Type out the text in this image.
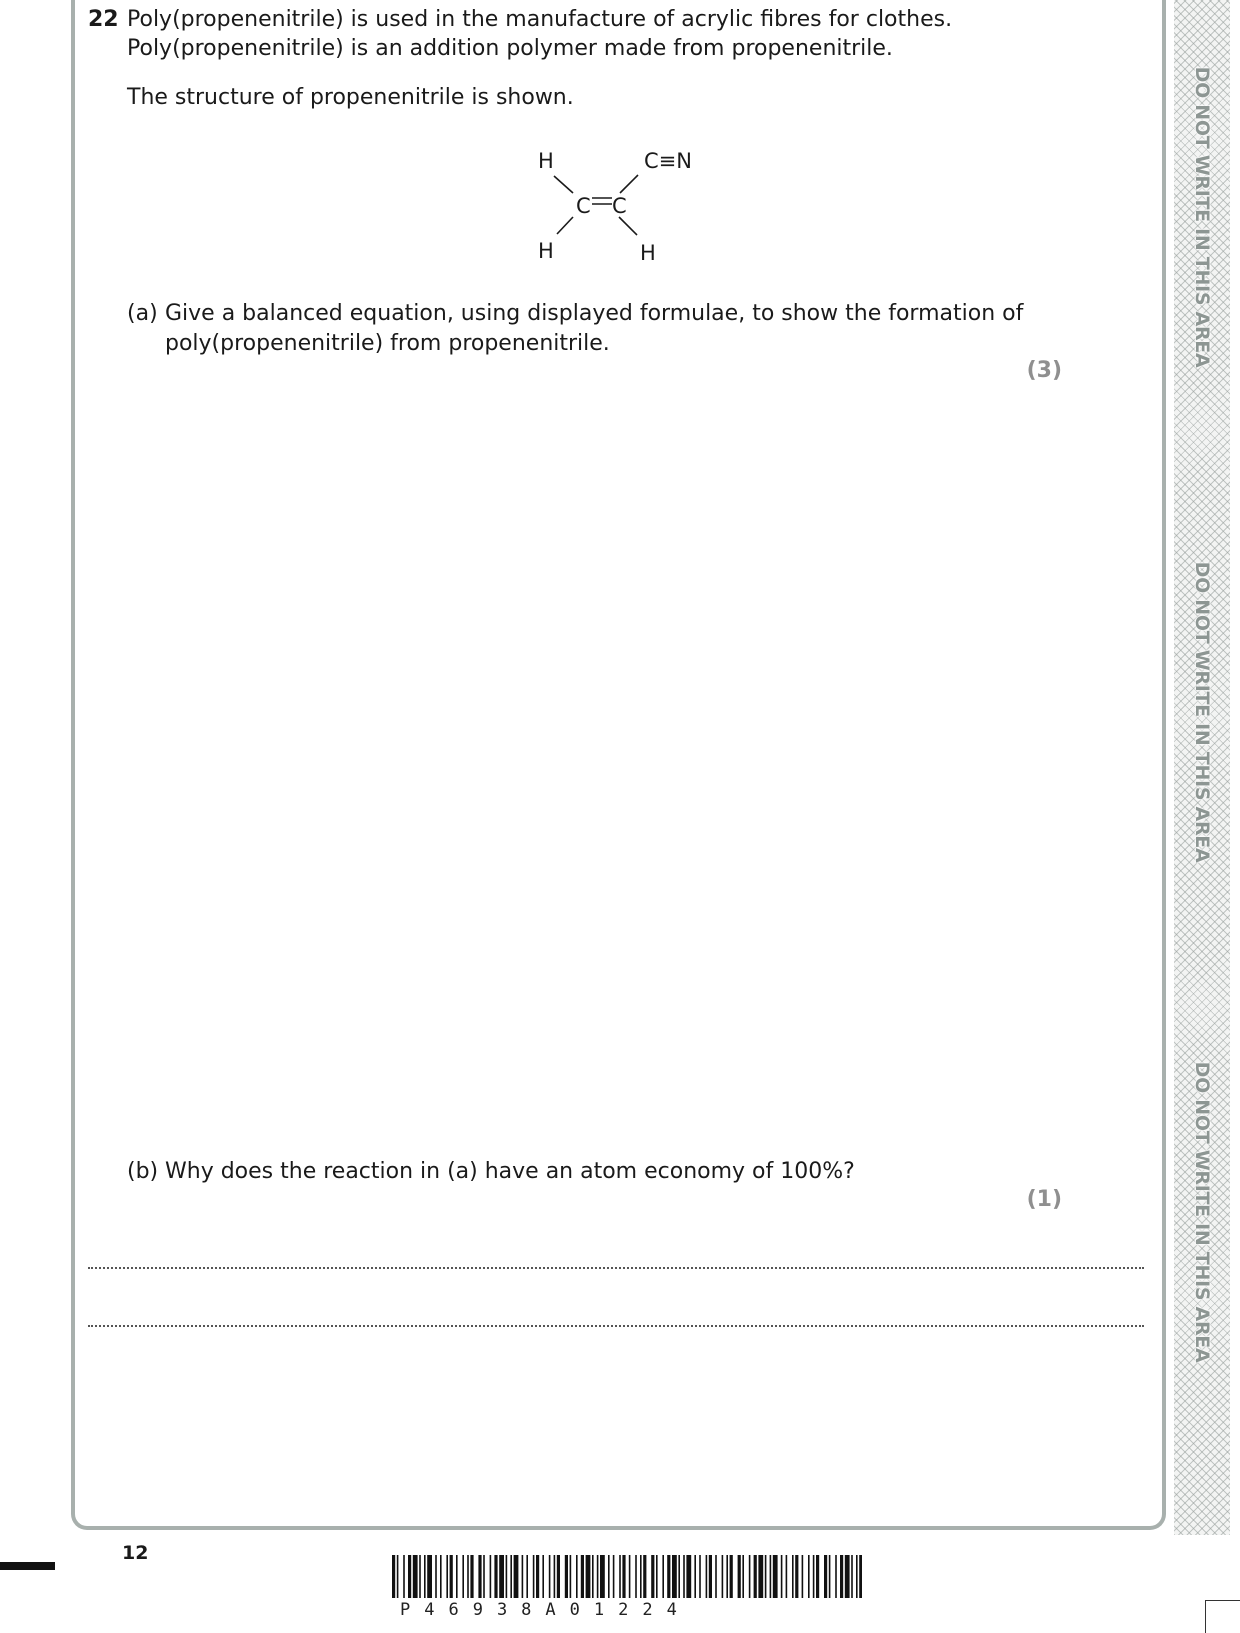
DO NOT WRITE IN THIS AREA
DO NOT WRITE IN THIS AREA
DO NOT WRITE IN THIS AREA
22 Poly(propenenitrile) is used in the manufacture of acrylic fibres for clothes.
Poly(propenenitrile) is an addition polymer made from propenenitrile.
The structure of propenenitrile is shown.
H
C C
C≡N
H	H
(a) Give a balanced equation, using displayed formulae, to show the formation of
poly(propenenitrile) from propenenitrile.
(3)
(b) Why does the reaction in (a) have an atom economy of 100%?
(1)
12
P46938A01224
